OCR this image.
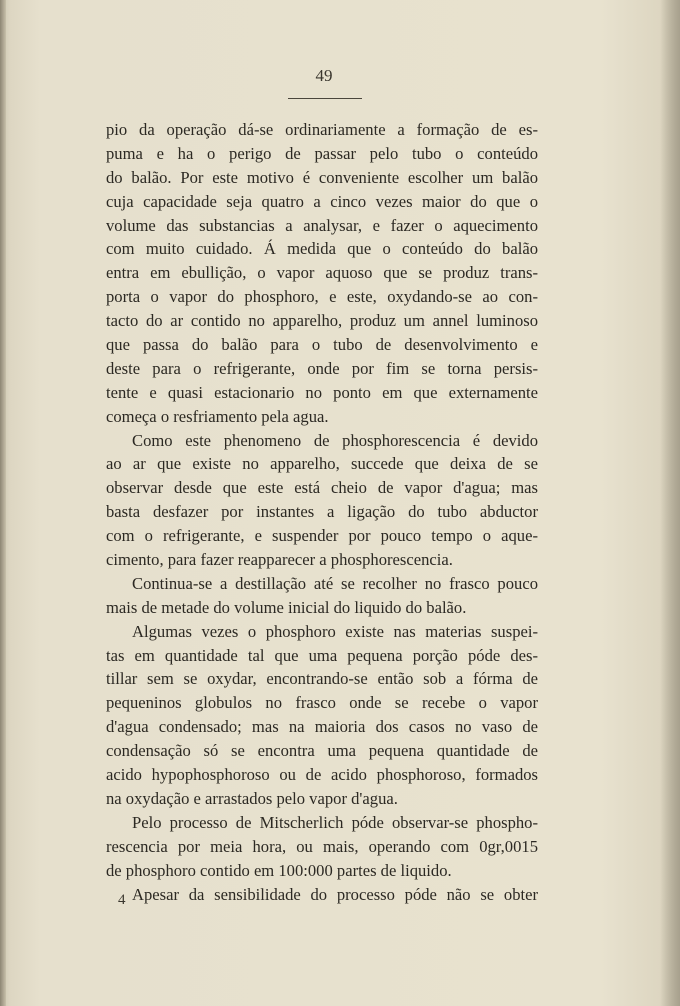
49
pio da operação dá-se ordinariamente a formação de es-
puma e ha o perigo de passar pelo tubo o conteúdo
do balão. Por este motivo é conveniente escolher um balão
cuja capacidade seja quatro a cinco vezes maior do que o
volume das substancias a analysar, e fazer o aquecimento
com muito cuidado. Á medida que o conteúdo do balão
entra em ebullição, o vapor aquoso que se produz trans-
porta o vapor do phosphoro, e este, oxydando-se ao con-
tacto do ar contido no apparelho, produz um annel luminoso
que passa do balão para o tubo de desenvolvimento e
deste para o refrigerante, onde por fim se torna persis-
tente e quasi estacionario no ponto em que externamente
começa o resfriamento pela agua.
Como este phenomeno de phosphorescencia é devido
ao ar que existe no apparelho, succede que deixa de se
observar desde que este está cheio de vapor d'agua; mas
basta desfazer por instantes a ligação do tubo abductor
com o refrigerante, e suspender por pouco tempo o aque-
cimento, para fazer reapparecer a phosphorescencia.
Continua-se a destillação até se recolher no frasco pouco
mais de metade do volume inicial do liquido do balão.
Algumas vezes o phosphoro existe nas materias suspei-
tas em quantidade tal que uma pequena porção póde des-
tillar sem se oxydar, encontrando-se então sob a fórma de
pequeninos globulos no frasco onde se recebe o vapor
d'agua condensado; mas na maioria dos casos no vaso de
condensação só se encontra uma pequena quantidade de
acido hypophosphoroso ou de acido phosphoroso, formados
na oxydação e arrastados pelo vapor d'agua.
Pelo processo de Mitscherlich póde observar-se phospho-
rescencia por meia hora, ou mais, operando com 0gr,0015
de phosphoro contido em 100:000 partes de liquido.
Apesar da sensibilidade do processo póde não se obter
4
